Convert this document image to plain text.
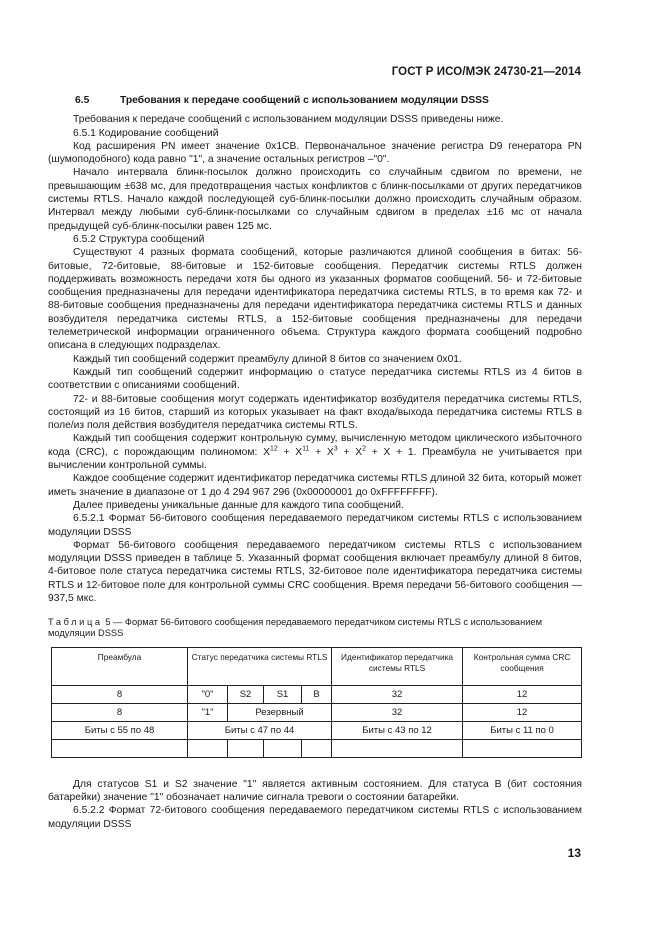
ГОСТ Р ИСО/МЭК 24730-21—2014

6.5	Требования к передаче сообщений с использованием модуляции DSSS

Требования к передаче сообщений с использованием модуляции DSSS приведены ниже.

6.5.1 Кодирование сообщений

Код расширения PN имеет значение 0x1CB. Первоначальное значение регистра D9 генератора PN (шумоподобного) кода равно "1", а значение остальных регистров –"0".

Начало интервала блинк-посылок должно происходить со случайным сдвигом по времени, не превышающим ±638 мс, для предотвращения частых конфликтов с блинк-посылками от других передатчиков системы RTLS. Начало каждой последующей суб-блинк-посылки должно происходить случайным образом. Интервал между любыми суб-блинк-посылками со случайным сдвигом в пределах ±16 мс от начала предыдущей суб-блинк-посылки равен 125 мс.

6.5.2 Структура сообщений

Существуют 4 разных формата сообщений, которые различаются длиной сообщения в битах: 56-битовые, 72-битовые, 88-битовые и 152-битовые сообщения. Передатчик системы RTLS должен поддерживать возможность передачи хотя бы одного из указанных форматов сообщений. 56- и 72-битовые сообщения предназначены для передачи идентификатора передатчика системы RTLS, в то время как 72- и 88-битовые сообщения предназначены для передачи идентификатора передатчика системы RTLS и данных возбудителя передатчика системы RTLS, а 152-битовые сообщения предназначены для передачи телеметрической информации ограниченного объема. Структура каждого формата сообщений подробно описана в следующих подразделах.

Каждый тип сообщений содержит преамбулу длиной 8 битов со значением 0x01.

Каждый тип сообщений содержит информацию о статусе передатчика системы RTLS из 4 битов в соответствии с описаниями сообщений.

72- и 88-битовые сообщения могут содержать идентификатор возбудителя передатчика системы RTLS, состоящий из 16 битов, старший из которых указывает на факт входа/выхода передатчика системы RTLS в поле/из поля действия возбудителя передатчика системы RTLS.

Каждый тип сообщения содержит контрольную сумму, вычисленную методом циклического избыточного кода (CRC), с порождающим полиномом: $X^{12} + X^{11} + X^3 + X^2 + X + 1$. Преамбула не учитывается при вычислении контрольной суммы.

Каждое сообщение содержит идентификатор передатчика системы RTLS длиной 32 бита, который может иметь значение в диапазоне от 1 до 4 294 967 296 (0x00000001 до 0xFFFFFFFF).

Далее приведены уникальные данные для каждого типа сообщений.

6.5.2.1 Формат 56-битового сообщения передаваемого передатчиком системы RTLS с использованием модуляции DSSS

Формат 56-битового сообщения передаваемого передатчиком системы RTLS с использованием модуляции DSSS приведен в таблице 5. Указанный формат сообщения включает преамбулу длиной 8 битов, 4-битовое поле статуса передатчика системы RTLS, 32-битовое поле идентификатора передатчика системы RTLS и 12-битовое поле для контрольной суммы CRC сообщения. Время передачи 56-битового сообщения — 937,5 мкс.

Таблица 5 — Формат 56-битового сообщения передаваемого передатчиком системы RTLS с использованием модуляции DSSS

Преамбула	Статус передатчика системы RTLS				Идентификатор передатчика системы RTLS	Контрольная сумма CRC сообщения
8	"0"	S2	S1	B	32	12
8	"1"	Резервный			32	12
Биты с 55 по 48	Биты с 47 по 44				Биты с 43 по 12	Биты с 11 по 0

Для статусов S1 и S2 значение "1" является активным состоянием. Для статуса В (бит состояния батарейки) значение "1" обозначает наличие сигнала тревоги о состоянии батарейки.

6.5.2.2 Формат 72-битового сообщения передаваемого передатчиком системы RTLS с использованием модуляции DSSS

13
